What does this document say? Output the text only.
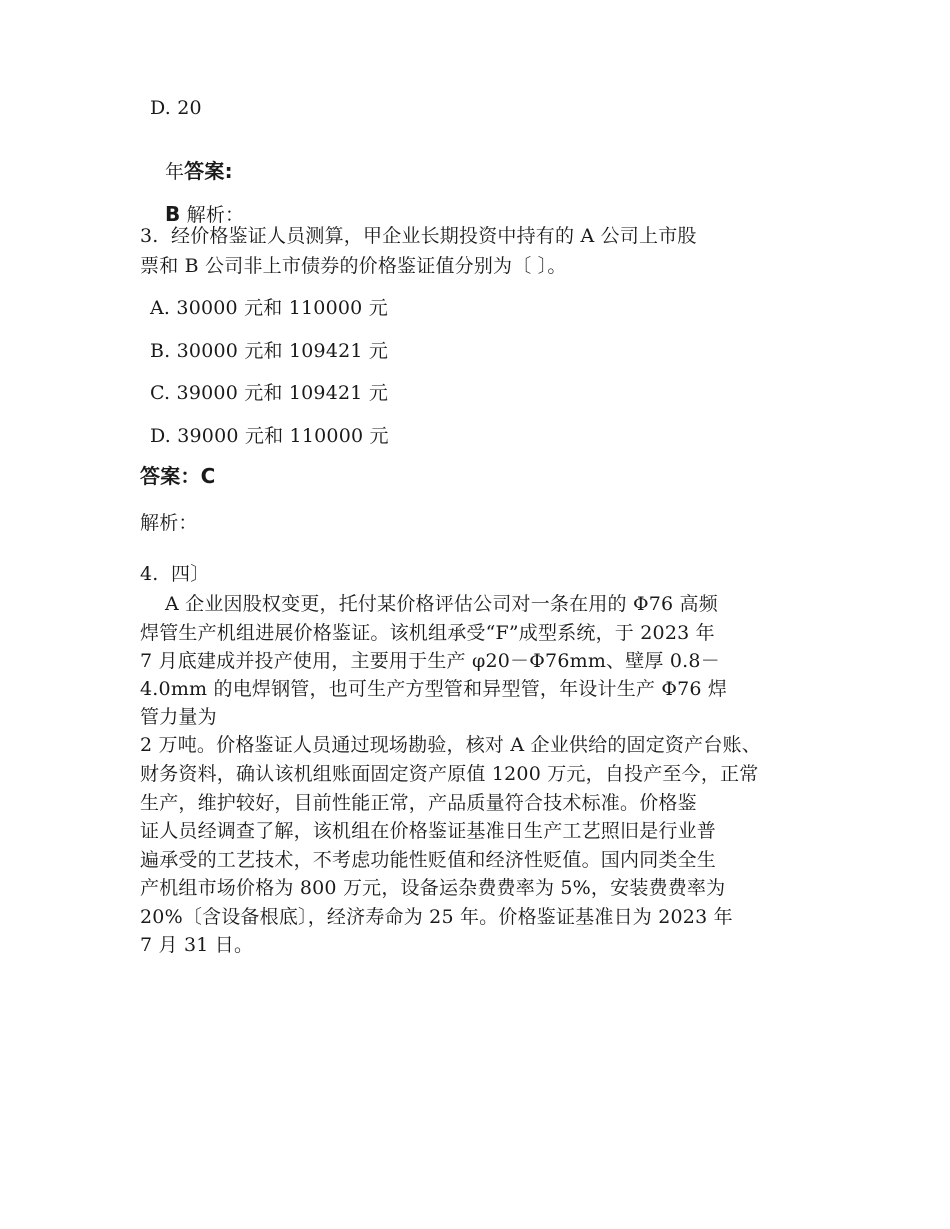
D. 20

年答案:

B 解析：

3.  经价格鉴证人员测算，甲企业长期投资中持有的 A 公司上市股
票和 B 公司非上市债券的价格鉴证值分别为〔 〕。
A. 30000 元和 110000 元
B. 30000 元和 109421 元
C. 39000 元和 109421 元
D. 39000 元和 110000 元
答案：C
解析：
4.  四〕
A 企业因股权变更，托付某价格评估公司对一条在用的 Φ76 高频
焊管生产机组进展价格鉴证。该机组承受“F”成型系统，于 2023 年
7 月底建成并投产使用，主要用于生产 φ20－Φ76mm、壁厚 0.8－
4.0mm 的电焊钢管，也可生产方型管和异型管，年设计生产 Φ76 焊
管力量为
2 万吨。价格鉴证人员通过现场勘验，核对 A 企业供给的固定资产台账、
财务资料，确认该机组账面固定资产原值 1200 万元，自投产至今，正常
生产，维护较好，目前性能正常，产品质量符合技术标准。价格鉴
证人员经调查了解，该机组在价格鉴证基准日生产工艺照旧是行业普
遍承受的工艺技术，不考虑功能性贬值和经济性贬值。国内同类全生
产机组市场价格为 800 万元，设备运杂费费率为 5%，安装费费率为
20%〔含设备根底〕，经济寿命为 25 年。价格鉴证基准日为 2023 年
7 月 31 日。
